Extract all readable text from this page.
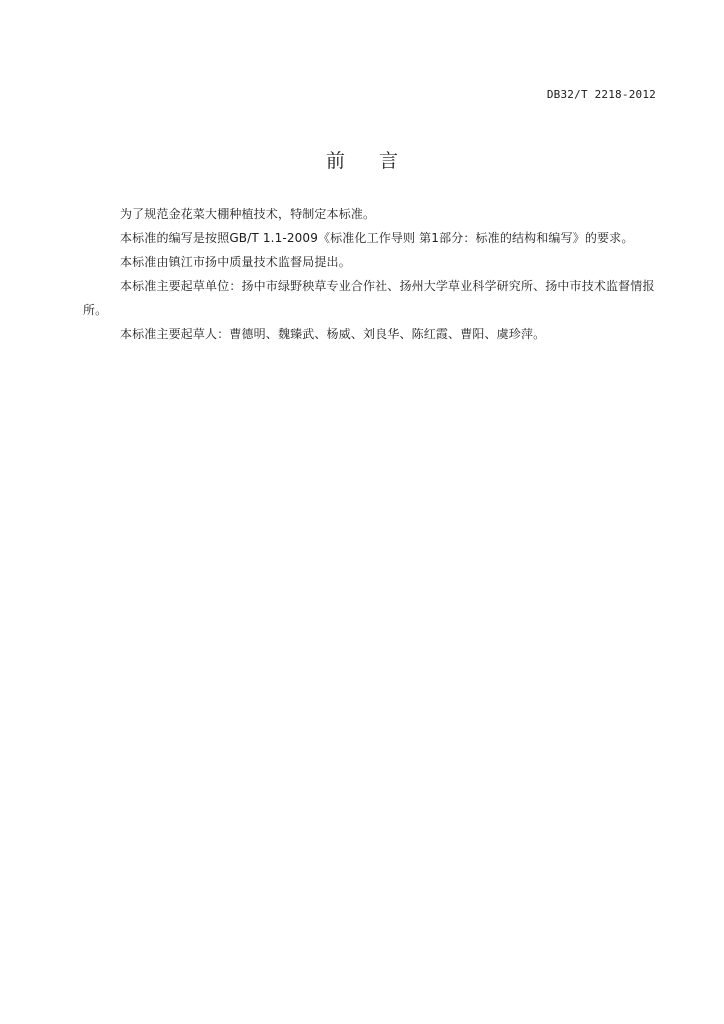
DB32/T 2218-2012
前 言

为了规范金花菜大棚种植技术，特制定本标准。

本标准的编写是按照GB/T 1.1-2009《标准化工作导则 第1部分：标准的结构和编写》的要求。

本标准由镇江市扬中质量技术监督局提出。

本标准主要起草单位：扬中市绿野秧草专业合作社、扬州大学草业科学研究所、扬中市技术监督情报所。

本标准主要起草人：曹德明、魏臻武、杨威、刘良华、陈红霞、曹阳、虞珍萍。
